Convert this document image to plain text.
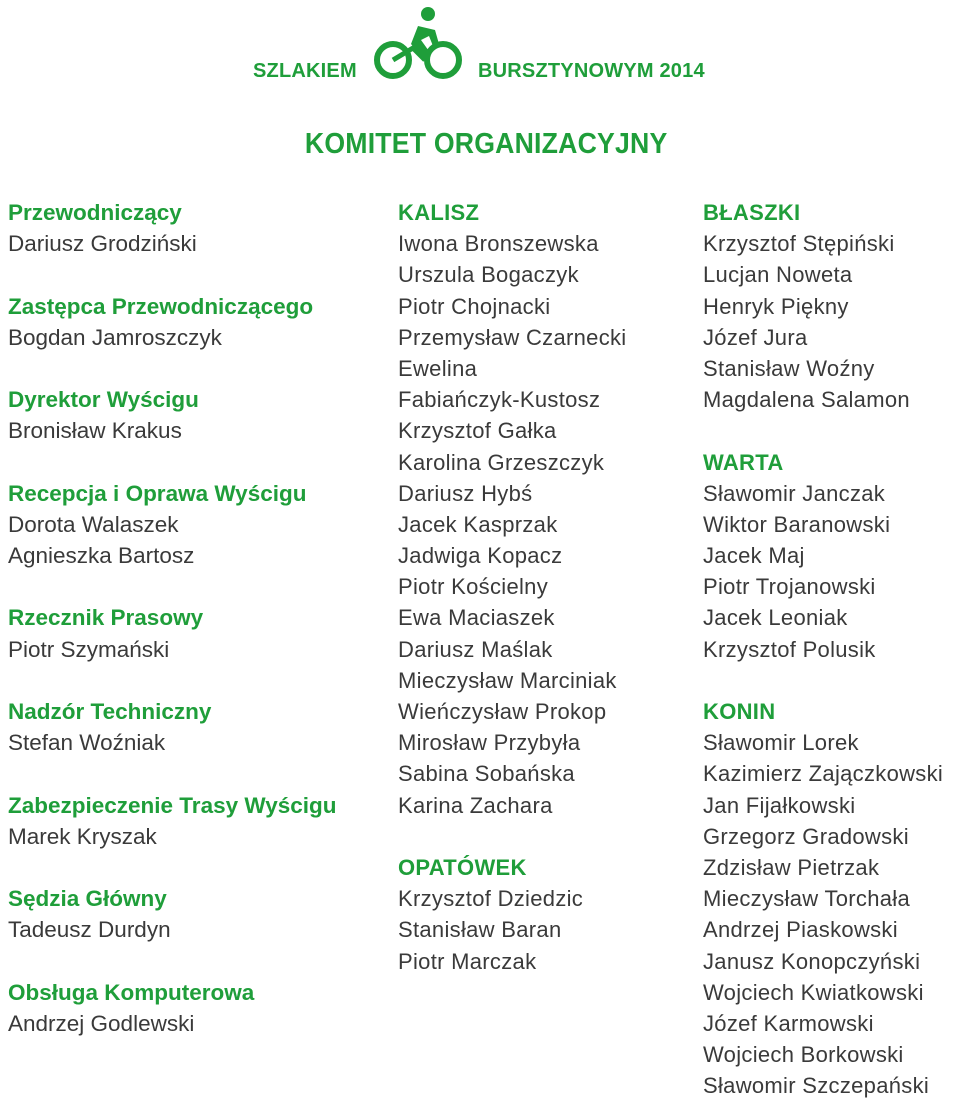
SZLAKIEM	BURSZTYNOWYM 2014
KOMITET ORGANIZACYJNY
Przewodniczący
Dariusz Grodziński
Zastępca Przewodniczącego
Bogdan Jamroszczyk
Dyrektor Wyścigu
Bronisław Krakus
Recepcja i Oprawa Wyścigu
Dorota Walaszek
Agnieszka Bartosz
Rzecznik Prasowy
Piotr Szymański
Nadzór Techniczny
Stefan Woźniak
Zabezpieczenie Trasy Wyścigu
Marek Kryszak
Sędzia Główny
Tadeusz Durdyn
Obsługa Komputerowa
Andrzej Godlewski
KALISZ
Iwona Bronszewska
Urszula Bogaczyk
Piotr Chojnacki
Przemysław Czarnecki
Ewelina
Fabiańczyk-Kustosz
Krzysztof Gałka
Karolina Grzeszczyk
Dariusz Hybś
Jacek Kasprzak
Jadwiga Kopacz
Piotr Kościelny
Ewa Maciaszek
Dariusz Maślak
Mieczysław Marciniak
Wieńczysław Prokop
Mirosław Przybyła
Sabina Sobańska
Karina Zachara
OPATÓWEK
Krzysztof Dziedzic
Stanisław Baran
Piotr Marczak
BŁASZKI
Krzysztof Stępiński
Lucjan Noweta
Henryk Piękny
Józef Jura
Stanisław Woźny
Magdalena Salamon
WARTA
Sławomir Janczak
Wiktor Baranowski
Jacek Maj
Piotr Trojanowski
Jacek Leoniak
Krzysztof Polusik
KONIN
Sławomir Lorek
Kazimierz Zajączkowski
Jan Fijałkowski
Grzegorz Gradowski
Zdzisław Pietrzak
Mieczysław Torchała
Andrzej Piaskowski
Janusz Konopczyński
Wojciech Kwiatkowski
Józef Karmowski
Wojciech Borkowski
Sławomir Szczepański
